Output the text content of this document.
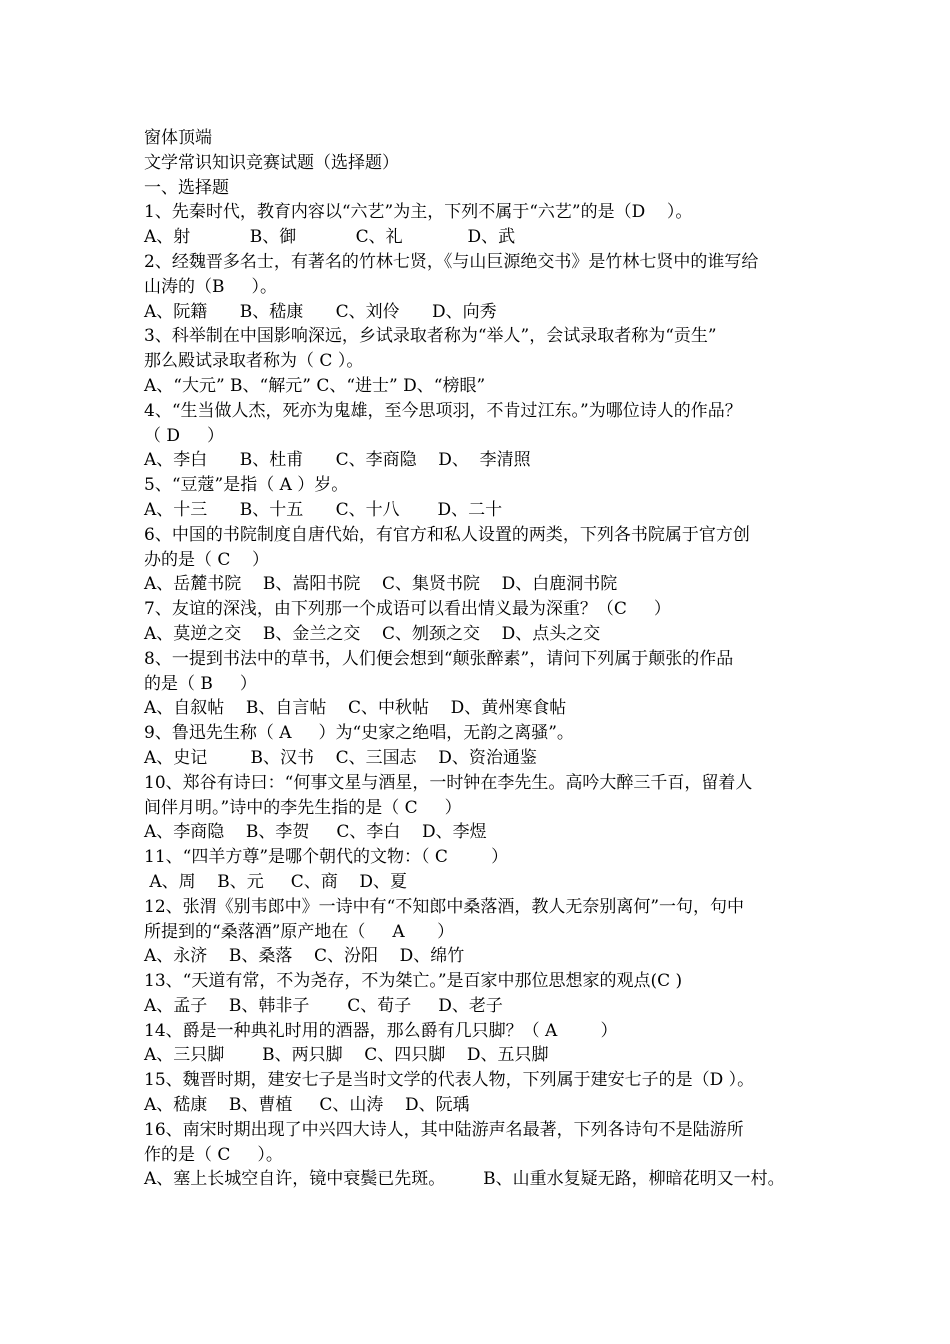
窗体顶端
文学常识知识竞赛试题（选择题）
一、选择题
1、先秦时代，教育内容以“六艺”为主，下列不属于“六艺”的是（D    ）。
A、射           B、御           C、礼            D、武
2、经魏晋多名士，有著名的竹林七贤，《与山巨源绝交书》是竹林七贤中的谁写给
山涛的（B     ）。
A、阮籍      B、嵇康      C、刘伶      D、向秀
3、科举制在中国影响深远，乡试录取者称为“举人”，会试录取者称为“贡生”
那么殿试录取者称为（ C ）。
A、“大元” B、“解元” C、“进士” D、“榜眼”
4、“生当做人杰，死亦为鬼雄，至今思项羽，不肯过江东。”为哪位诗人的作品？
（ D     ）
A、李白      B、杜甫      C、李商隐    D、  李清照
5、“豆蔻”是指（ A ）岁。
A、十三      B、十五      C、十八       D、二十
6、中国的书院制度自唐代始，有官方和私人设置的两类，下列各书院属于官方创
办的是（ C    ）
A、岳麓书院    B、嵩阳书院    C、集贤书院    D、白鹿洞书院
7、友谊的深浅，由下列那一个成语可以看出情义最为深重？（C     ）
A、莫逆之交    B、金兰之交    C、刎颈之交    D、点头之交
8、一提到书法中的草书，人们便会想到“颠张醉素”，请问下列属于颠张的作品
的是（ B     ）
A、自叙帖    B、自言帖    C、中秋帖    D、黄州寒食帖
9、鲁迅先生称（ A     ）为“史家之绝唱，无韵之离骚”。
A、史记        B、汉书    C、三国志    D、资治通鉴
10、郑谷有诗曰：“何事文星与酒星，一时钟在李先生。高吟大醉三千百，留着人
间伴月明。”诗中的李先生指的是（ C     ）
A、李商隐    B、李贺     C、李白    D、李煜
11、“四羊方尊”是哪个朝代的文物：（ C        ）
A、周    B、元     C、商    D、夏
12、张渭《别韦郎中》一诗中有“不知郎中桑落酒，教人无奈别离何”一句，句中
所提到的“桑落酒”原产地在（     A      ）
A、永济    B、桑落    C、汾阳    D、绵竹
13、“天道有常，不为尧存，不为桀亡。”是百家中那位思想家的观点(C )
A、孟子    B、韩非子       C、荀子     D、老子
14、爵是一种典礼时用的酒器，那么爵有几只脚？（ A        ）
A、三只脚       B、两只脚    C、四只脚    D、五只脚
15、魏晋时期，建安七子是当时文学的代表人物，下列属于建安七子的是（D ）。
A、嵇康    B、曹植     C、山涛    D、阮瑀
16、南宋时期出现了中兴四大诗人，其中陆游声名最著，下列各诗句不是陆游所
作的是（ C     ）。
A、塞上长城空自许，镜中衰鬓已先斑。       B、山重水复疑无路，柳暗花明又一村。
